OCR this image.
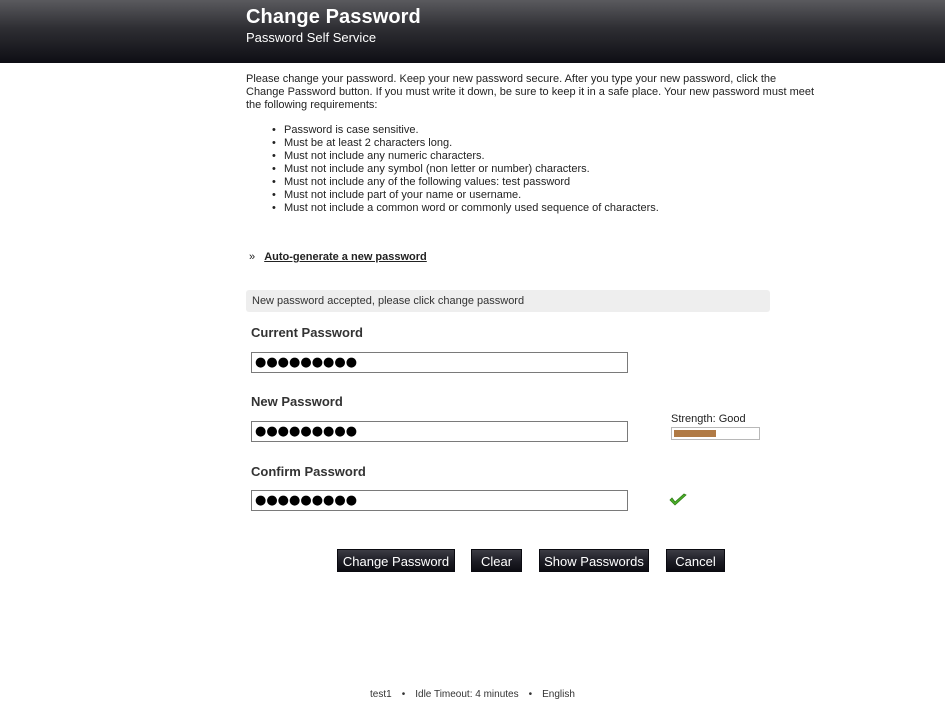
Change Password
Password Self Service
Please change your password. Keep your new password secure. After you type your new password, click the Change Password button. If you must write it down, be sure to keep it in a safe place. Your new password must meet the following requirements:
• Password is case sensitive.
• Must be at least 2 characters long.
• Must not include any numeric characters.
• Must not include any symbol (non letter or number) characters.
• Must not include any of the following values: test password
• Must not include part of your name or username.
• Must not include a common word or commonly used sequence of characters.
» Auto-generate a new password
New password accepted, please click change password
Current Password
●●●●●●●●●
New Password
●●●●●●●●●
Strength: Good
Confirm Password
●●●●●●●●●
Change Password	Clear	Show Passwords	Cancel
test1 • Idle Timeout: 4 minutes • English
